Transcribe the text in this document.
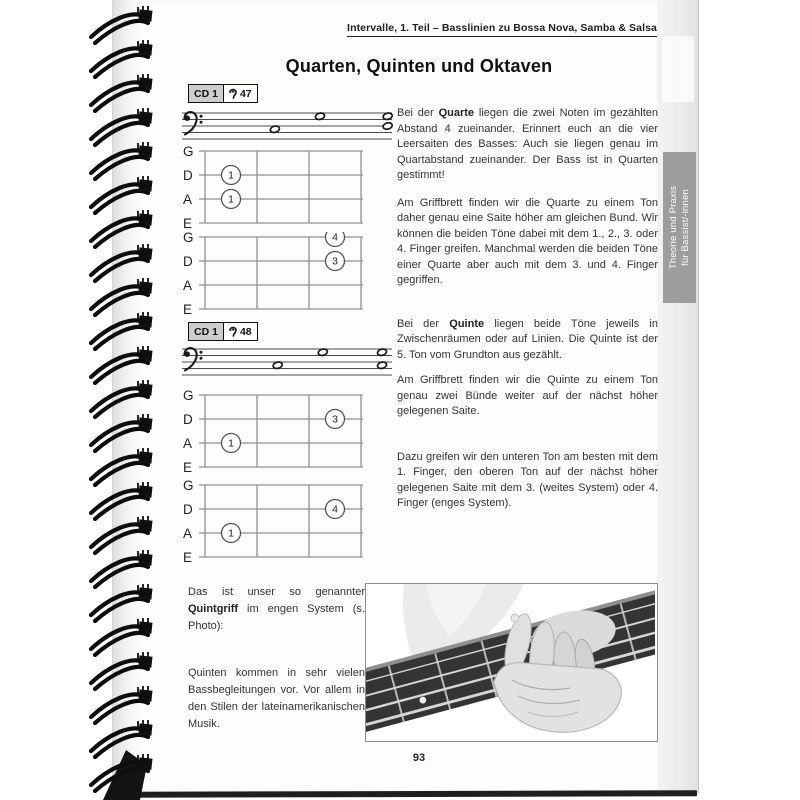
Theorie und Praxis für Bassist/-innen
Intervalle, 1. Teil – Basslinien zu Bossa Nova, Samba & Salsa
Quarten, Quinten und Oktaven
CD 1	47
CD 1	48
G
D
A
E
1
1
G
D
A
E
4
3
G
D
A
E
3
1
G
D
A
E
4
1

Bei der Quarte liegen die zwei Noten im gezählten Abstand 4 zueinander. Erinnert euch an die vier Leersaiten des Basses: Auch sie liegen genau im Quartabstand zueinander. Der Bass ist in Quarten gestimmt!

Am Griffbrett finden wir die Quarte zu einem Ton daher genau eine Saite höher am gleichen Bund. Wir können die beiden Töne dabei mit dem 1., 2., 3. oder 4. Finger greifen. Manchmal werden die beiden Töne einer Quarte aber auch mit dem 3. und 4. Finger gegriffen.

Bei der Quinte liegen beide Töne jeweils in Zwischenräumen oder auf Linien. Die Quinte ist der 5. Ton vom Grundton aus gezählt.

Am Griffbrett finden wir die Quinte zu einem Ton genau zwei Bünde weiter auf der nächst höher gelegenen Saite.

Dazu greifen wir den unteren Ton am besten mit dem 1. Finger, den oberen Ton auf der nächst höher gelegenen Saite mit dem 3. (weites System) oder 4. Finger (enges System).

Das ist unser so genannter Quintgriff im engen System (s. Photo):

Quinten kommen in sehr vielen Bassbegleitungen vor. Vor allem in den Stilen der lateinamerikanischen Musik.

93
